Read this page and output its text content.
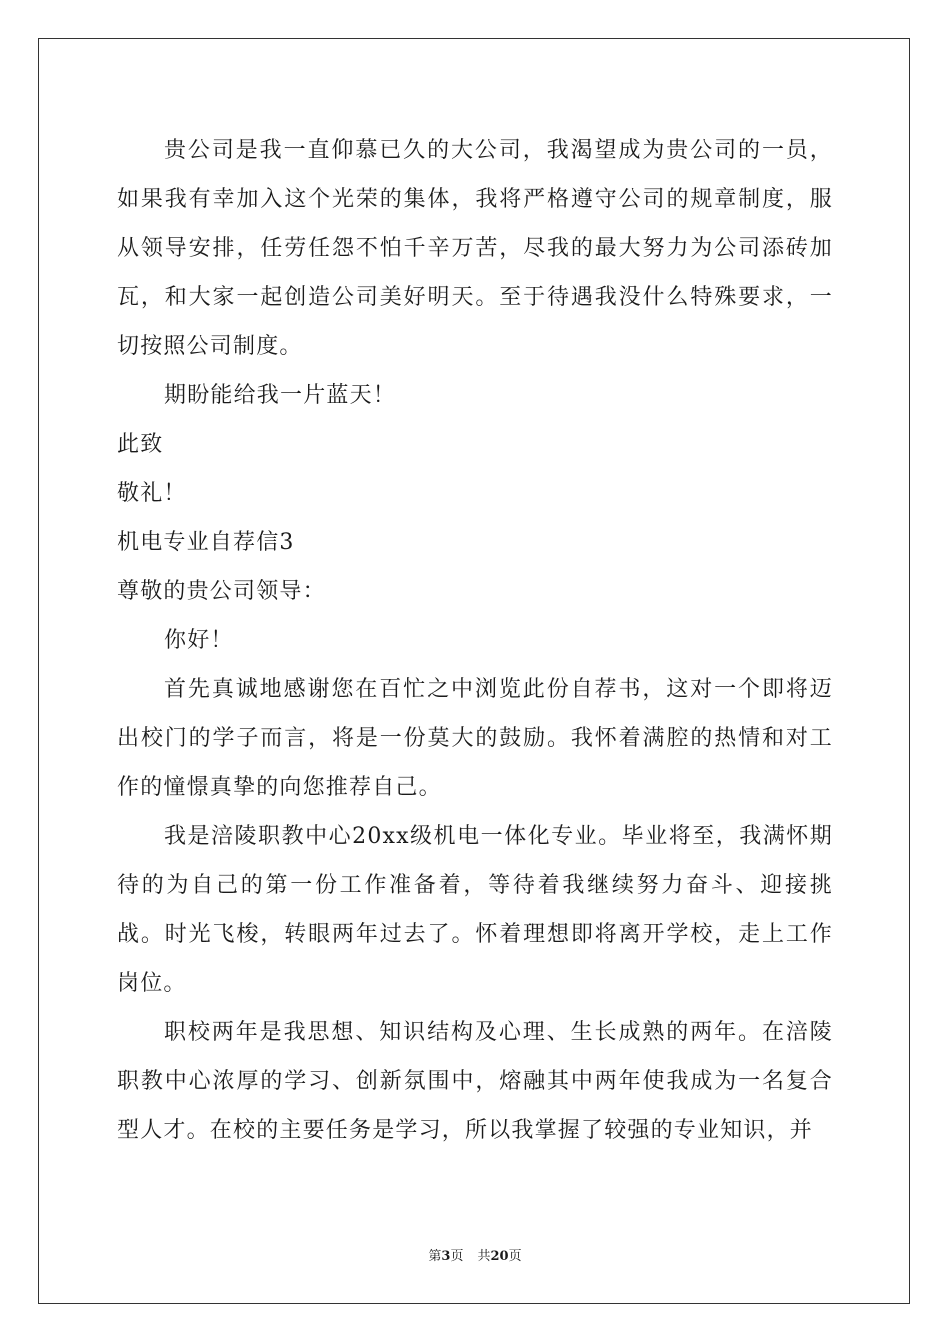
贵公司是我一直仰慕已久的大公司，我渴望成为贵公司的一员，如果我有幸加入这个光荣的集体，我将严格遵守公司的规章制度，服从领导安排，任劳任怨不怕千辛万苦，尽我的最大努力为公司添砖加瓦，和大家一起创造公司美好明天。至于待遇我没什么特殊要求，一切按照公司制度。

期盼能给我一片蓝天！

此致

敬礼！

机电专业自荐信3

尊敬的贵公司领导：

你好！

首先真诚地感谢您在百忙之中浏览此份自荐书，这对一个即将迈出校门的学子而言，将是一份莫大的鼓励。我怀着满腔的热情和对工作的憧憬真挚的向您推荐自己。

我是涪陵职教中心20xx级机电一体化专业。毕业将至，我满怀期待的为自己的第一份工作准备着，等待着我继续努力奋斗、迎接挑战。时光飞梭，转眼两年过去了。怀着理想即将离开学校，走上工作岗位。

职校两年是我思想、知识结构及心理、生长成熟的两年。在涪陵职教中心浓厚的学习、创新氛围中，熔融其中两年使我成为一名复合型人才。在校的主要任务是学习，所以我掌握了较强的专业知识，并

第3页 共20页
